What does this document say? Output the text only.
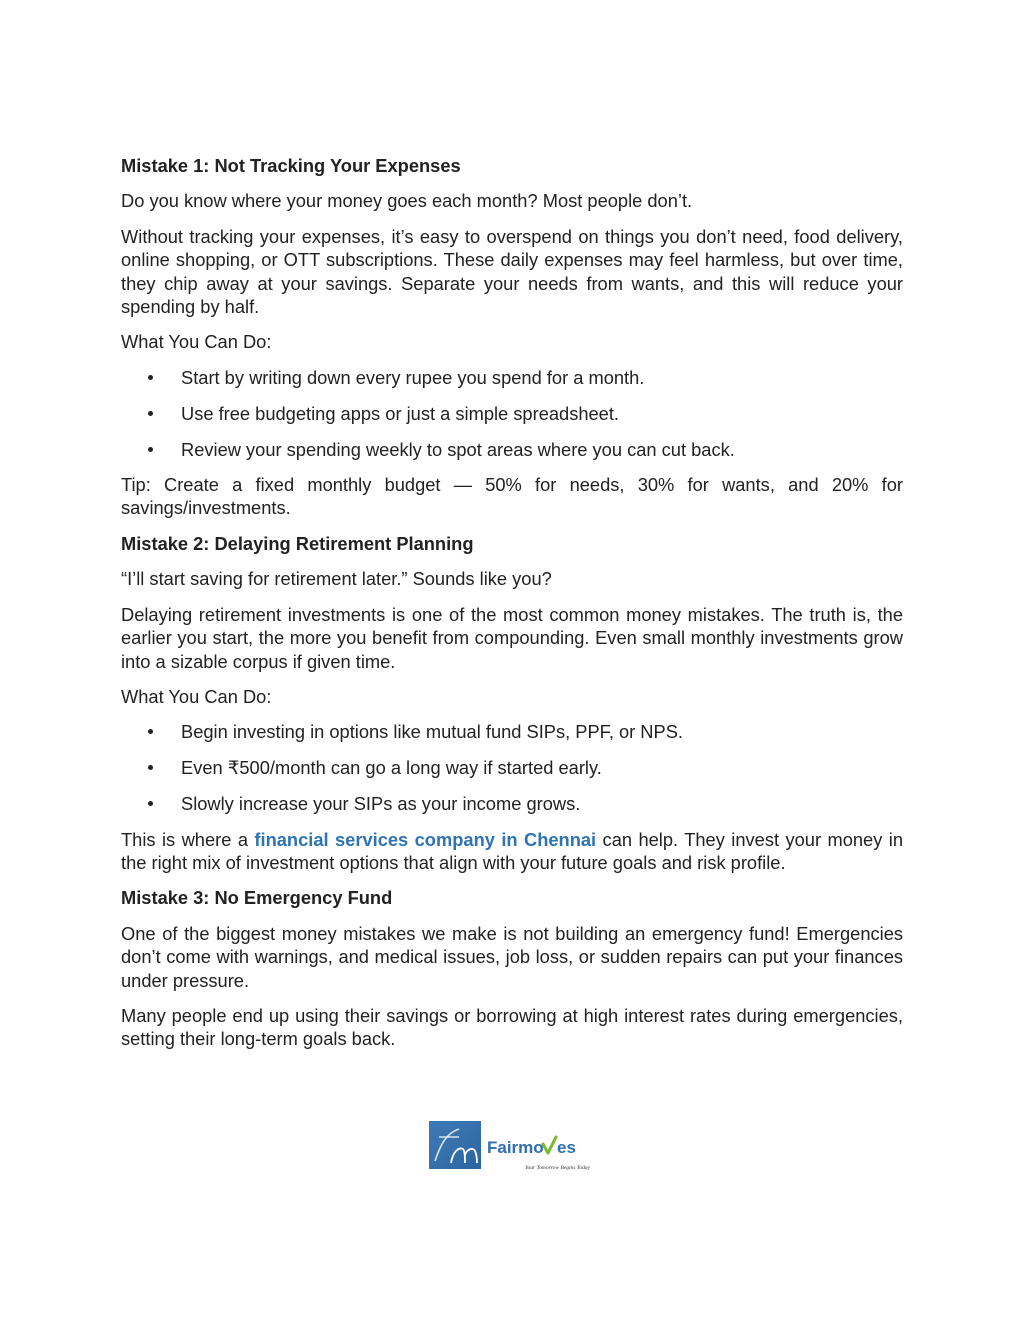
Mistake 1: Not Tracking Your Expenses

Do you know where your money goes each month? Most people don’t.

Without tracking your expenses, it’s easy to overspend on things you don’t need, food delivery, online shopping, or OTT subscriptions. These daily expenses may feel harmless, but over time, they chip away at your savings. Separate your needs from wants, and this will reduce your spending by half.

What You Can Do:

Start by writing down every rupee you spend for a month.
Use free budgeting apps or just a simple spreadsheet.
Review your spending weekly to spot areas where you can cut back.

Tip: Create a fixed monthly budget — 50% for needs, 30% for wants, and 20% for savings/investments.

Mistake 2: Delaying Retirement Planning

“I’ll start saving for retirement later.” Sounds like you?

Delaying retirement investments is one of the most common money mistakes. The truth is, the earlier you start, the more you benefit from compounding. Even small monthly investments grow into a sizable corpus if given time.

What You Can Do:

Begin investing in options like mutual fund SIPs, PPF, or NPS.
Even ₹500/month can go a long way if started early.
Slowly increase your SIPs as your income grows.

This is where a financial services company in Chennai can help. They invest your money in the right mix of investment options that align with your future goals and risk profile.

Mistake 3: No Emergency Fund

One of the biggest money mistakes we make is not building an emergency fund! Emergencies don’t come with warnings, and medical issues, job loss, or sudden repairs can put your finances under pressure.

Many people end up using their savings or borrowing at high interest rates during emergencies, setting their long-term goals back.

Fairmo es
Your Tomorrow Begins Today
